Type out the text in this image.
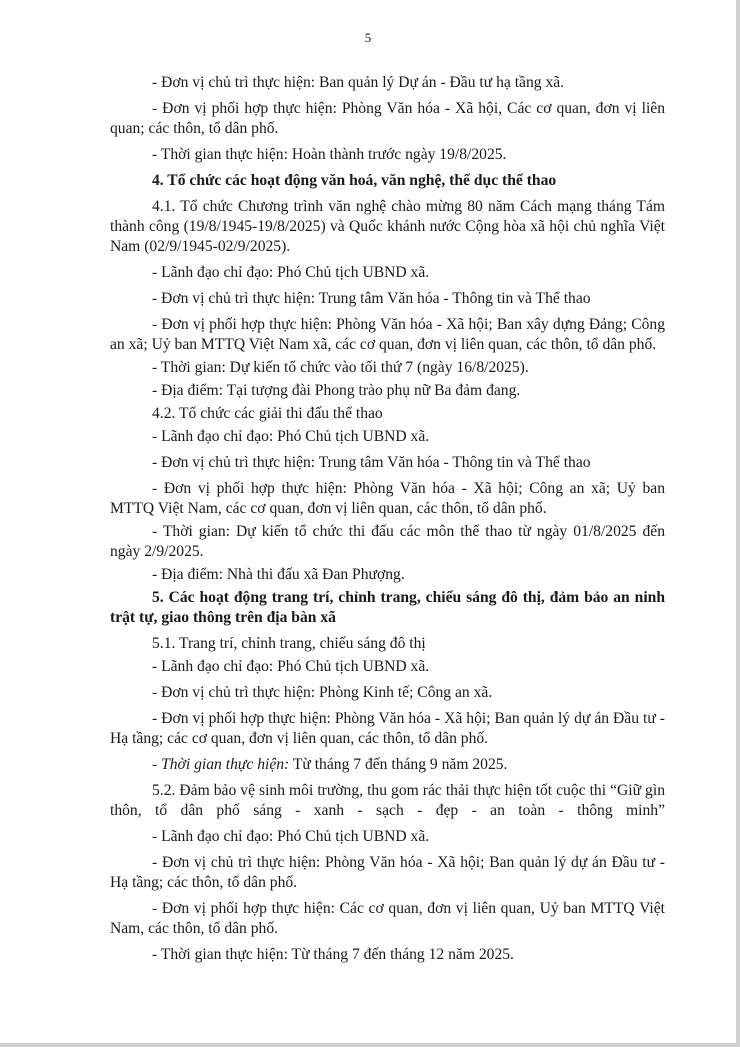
5

- Đơn vị chủ trì thực hiện: Ban quản lý Dự án - Đầu tư hạ tầng xã.

- Đơn vị phối hợp thực hiện: Phòng Văn hóa - Xã hội, Các cơ quan, đơn vị liên quan; các thôn, tổ dân phố.

- Thời gian thực hiện: Hoàn thành trước ngày 19/8/2025.

4. Tổ chức các hoạt động văn hoá, văn nghệ, thể dục thể thao

4.1. Tổ chức Chương trình văn nghệ chào mừng 80 năm Cách mạng tháng Tám thành công (19/8/1945-19/8/2025) và Quốc khánh nước Cộng hòa xã hội chủ nghĩa Việt Nam (02/9/1945-02/9/2025).

- Lãnh đạo chỉ đạo: Phó Chủ tịch UBND xã.

- Đơn vị chủ trì thực hiện: Trung tâm Văn hóa - Thông tin và Thể thao

- Đơn vị phối hợp thực hiện: Phòng Văn hóa - Xã hội; Ban xây dựng Đảng; Công an xã; Uỷ ban MTTQ Việt Nam xã, các cơ quan, đơn vị liên quan, các thôn, tổ dân phố.

- Thời gian: Dự kiến tổ chức vào tối thứ 7 (ngày 16/8/2025).

- Địa điểm: Tại tượng đài Phong trào phụ nữ Ba đảm đang.

4.2. Tổ chức các giải thi đấu thể thao

- Lãnh đạo chỉ đạo: Phó Chủ tịch UBND xã.

- Đơn vị chủ trì thực hiện: Trung tâm Văn hóa - Thông tin và Thể thao

- Đơn vị phối hợp thực hiện: Phòng Văn hóa - Xã hội; Công an xã; Uỷ ban MTTQ Việt Nam, các cơ quan, đơn vị liên quan, các thôn, tổ dân phố.

- Thời gian: Dự kiến tổ chức thi đấu các môn thể thao từ ngày 01/8/2025 đến ngày 2/9/2025.

- Địa điểm: Nhà thi đấu xã Đan Phượng.

5. Các hoạt động trang trí, chỉnh trang, chiếu sáng đô thị, đảm bảo an ninh trật tự, giao thông trên địa bàn xã

5.1. Trang trí, chỉnh trang, chiếu sáng đô thị

- Lãnh đạo chỉ đạo: Phó Chủ tịch UBND xã.

- Đơn vị chủ trì thực hiện: Phòng Kinh tế; Công an xã.

- Đơn vị phối hợp thực hiện: Phòng Văn hóa - Xã hội; Ban quản lý dự án Đầu tư - Hạ tầng; các cơ quan, đơn vị liên quan, các thôn, tổ dân phố.

- Thời gian thực hiện: Từ tháng 7 đến tháng 9 năm 2025.

5.2. Đảm bảo vệ sinh môi trường, thu gom rác thải thực hiện tốt cuộc thi “Giữ gìn thôn, tổ dân phố sáng - xanh - sạch - đẹp - an toàn - thông minh”

- Lãnh đạo chỉ đạo: Phó Chủ tịch UBND xã.

- Đơn vị chủ trì thực hiện: Phòng Văn hóa - Xã hội; Ban quản lý dự án Đầu tư - Hạ tầng; các thôn, tổ dân phố.

- Đơn vị phối hợp thực hiện: Các cơ quan, đơn vị liên quan, Uỷ ban MTTQ Việt Nam, các thôn, tổ dân phố.

- Thời gian thực hiện: Từ tháng 7 đến tháng 12 năm 2025.
